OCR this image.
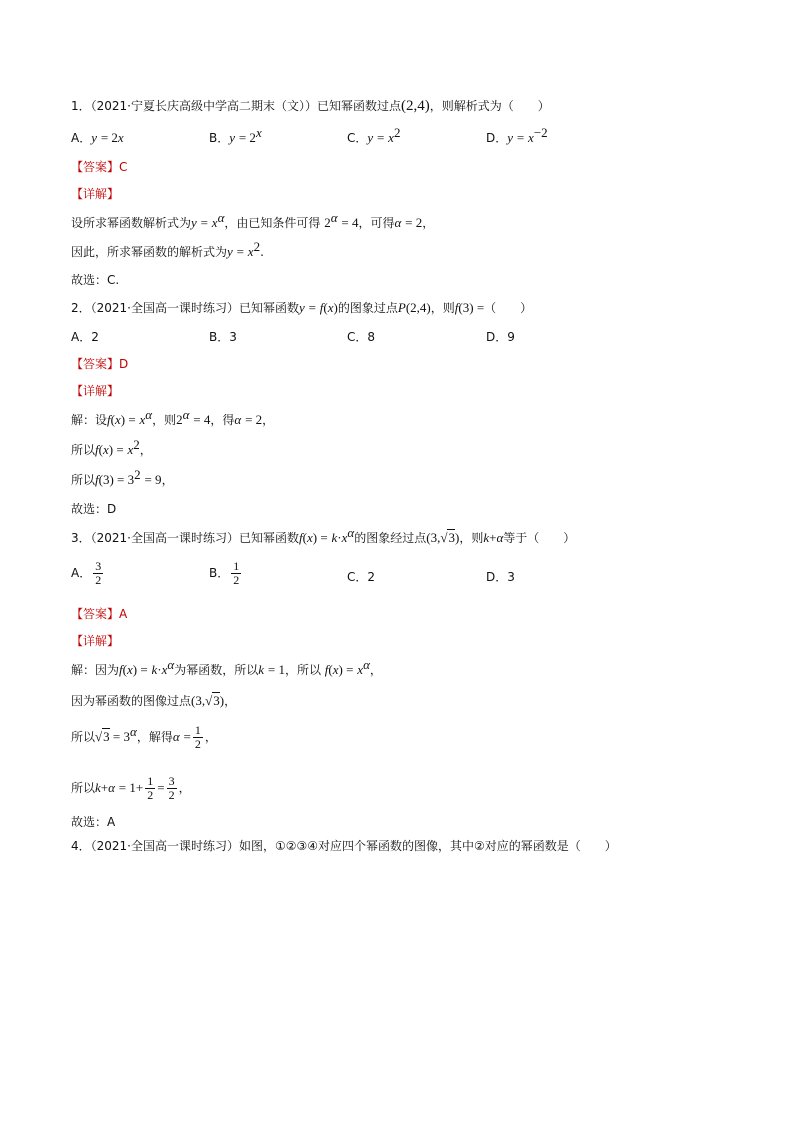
1．（2021·宁夏长庆高级中学高二期末（文））已知幂函数过点(2,4)，则解析式为（　　）
A．y = 2x	B．$y = 2^x$	C．$y = x^2$	D．$y = x^{-2}$
【答案】C
【详解】
设所求幂函数解析式为$y = x^\alpha$，由已知条件可得 $2^\alpha = 4$，可得α = 2，
因此，所求幂函数的解析式为$y = x^2$.
故选：C.
2．（2021·全国高一课时练习）已知幂函数y = f(x)的图象过点P(2,4)，则f(3) =（　　）
A．2	B．3	C．8	D．9
【答案】D
【详解】
解：设$f(x) = x^\alpha$，则$2^\alpha = 4$，得α = 2，
所以$f(x) = x^2$，
所以$f(3) = 3^2 = 9$，
故选：D
3．（2021·全国高一课时练习）已知幂函数$f(x) = k\cdot x^\alpha$的图象经过点(3,√3)，则k+α等于（　　）
A． $\frac{3}{2}$	B． $\frac{1}{2}$	C．2	D．3
【答案】A
【详解】
解：因为$f(x) = k\cdot x^\alpha$为幂函数，所以k = 1，所以 $f(x) = x^\alpha$，
因为幂函数的图像过点(3,√3)，
所以$√3 = 3^\alpha$，解得$\alpha = \frac{1}{2}$ ，
所以$k+\alpha = 1+ \frac{1}{2} = \frac{3}{2}$ ，
故选：A
4．（2021·全国高一课时练习）如图，①②③④对应四个幂函数的图像，其中②对应的幂函数是（　　）
